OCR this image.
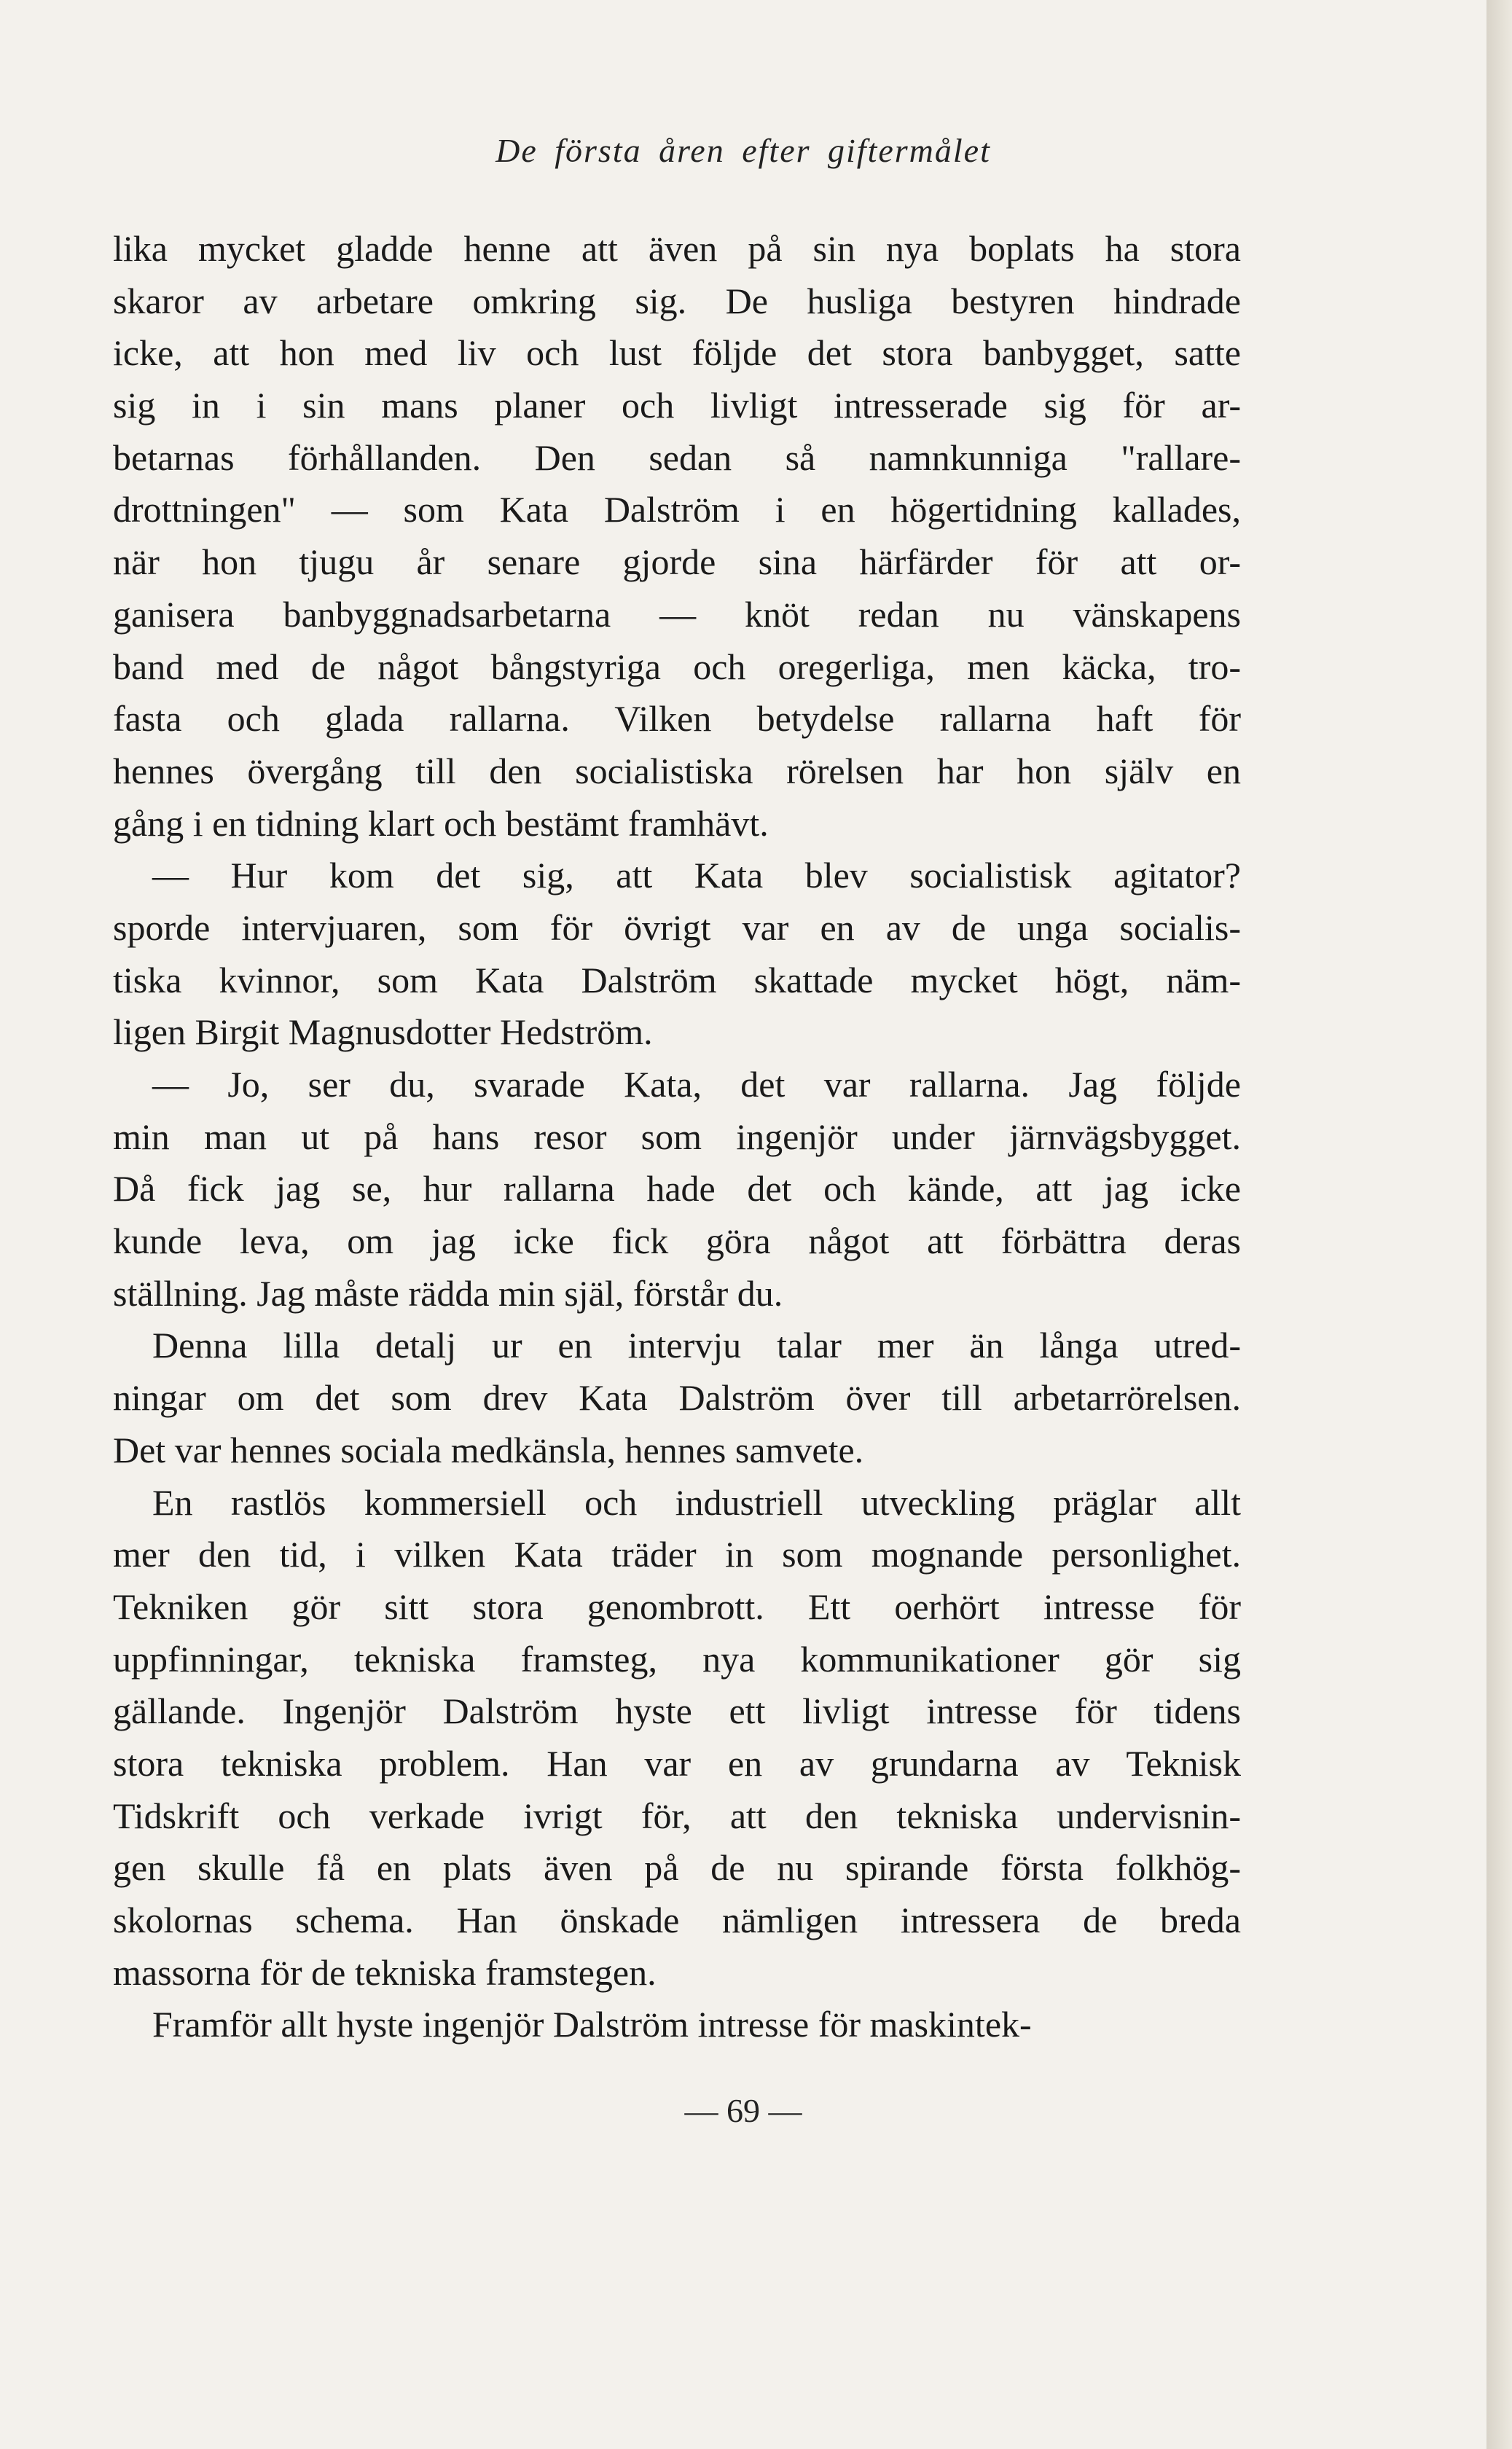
De första åren efter giftermålet
lika mycket gladde henne att även på sin nya boplats ha stora
skaror av arbetare omkring sig. De husliga bestyren hindrade
icke, att hon med liv och lust följde det stora banbygget, satte
sig in i sin mans planer och livligt intresserade sig för ar-
betarnas förhållanden. Den sedan så namnkunniga "rallare-
drottningen" — som Kata Dalström i en högertidning kallades,
när hon tjugu år senare gjorde sina härfärder för att or-
ganisera banbyggnadsarbetarna — knöt redan nu vänskapens
band med de något bångstyriga och oregerliga, men käcka, tro-
fasta och glada rallarna. Vilken betydelse rallarna haft för
hennes övergång till den socialistiska rörelsen har hon själv en
gång i en tidning klart och bestämt framhävt.
— Hur kom det sig, att Kata blev socialistisk agitator?
sporde intervjuaren, som för övrigt var en av de unga socialis-
tiska kvinnor, som Kata Dalström skattade mycket högt, näm-
ligen Birgit Magnusdotter Hedström.
— Jo, ser du, svarade Kata, det var rallarna. Jag följde
min man ut på hans resor som ingenjör under järnvägsbygget.
Då fick jag se, hur rallarna hade det och kände, att jag icke
kunde leva, om jag icke fick göra något att förbättra deras
ställning. Jag måste rädda min själ, förstår du.
Denna lilla detalj ur en intervju talar mer än långa utred-
ningar om det som drev Kata Dalström över till arbetarrörelsen.
Det var hennes sociala medkänsla, hennes samvete.
En rastlös kommersiell och industriell utveckling präglar allt
mer den tid, i vilken Kata träder in som mognande personlighet.
Tekniken gör sitt stora genombrott. Ett oerhört intresse för
uppfinningar, tekniska framsteg, nya kommunikationer gör sig
gällande. Ingenjör Dalström hyste ett livligt intresse för tidens
stora tekniska problem. Han var en av grundarna av Teknisk
Tidskrift och verkade ivrigt för, att den tekniska undervisnin-
gen skulle få en plats även på de nu spirande första folkhög-
skolornas schema. Han önskade nämligen intressera de breda
massorna för de tekniska framstegen.
Framför allt hyste ingenjör Dalström intresse för maskintek-
— 69 —
